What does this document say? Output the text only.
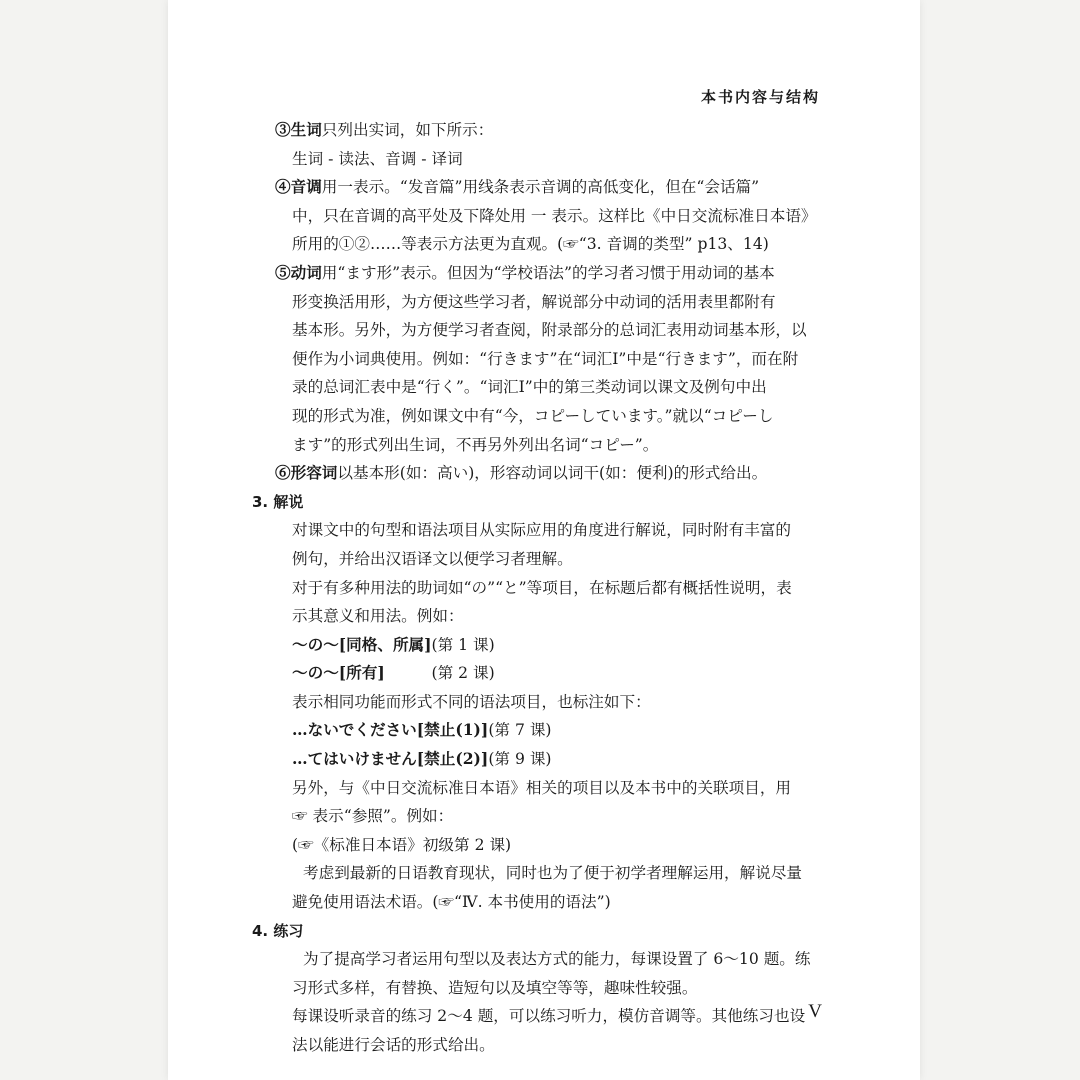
本书内容与结构
③生词只列出实词，如下所示：
生词 - 读法、音调 - 译词
④音调用一表示。“发音篇”用线条表示音调的高低变化，但在“会话篇”
中，只在音调的高平处及下降处用 一 表示。这样比《中日交流标准日本语》
所用的①②……等表示方法更为直观。(☞“3. 音调的类型” p13、14)
⑤动词用“ます形”表示。但因为“学校语法”的学习者习惯于用动词的基本
形变换活用形，为方便这些学习者，解说部分中动词的活用表里都附有
基本形。另外，为方便学习者查阅，附录部分的总词汇表用动词基本形，以
便作为小词典使用。例如：“行きます”在“词汇Ⅰ”中是“行きます”，而在附
录的总词汇表中是“行く”。“词汇Ⅰ”中的第三类动词以课文及例句中出
现的形式为准，例如课文中有“今，コピーしています。”就以“コピーし
ます”的形式列出生词，不再另外列出名词“コピー”。
⑥形容词以基本形(如：高い)，形容动词以词干(如：便利)的形式给出。
3. 解说
对课文中的句型和语法项目从实际应用的角度进行解说，同时附有丰富的
例句，并给出汉语译文以便学习者理解。
对于有多种用法的助词如“の”“と”等项目，在标题后都有概括性说明，表
示其意义和用法。例如：
～の～[同格、所属](第 1 课)
～の～[所有]　　　(第 2 课)
表示相同功能而形式不同的语法项目，也标注如下：
…ないでください[禁止(1)](第 7 课)
…てはいけません[禁止(2)](第 9 课)
另外，与《中日交流标准日本语》相关的项目以及本书中的关联项目，用
☞ 表示“参照”。例如：
(☞《标准日本语》初级第 2 课)
考虑到最新的日语教育现状，同时也为了便于初学者理解运用，解说尽量
避免使用语法术语。(☞“Ⅳ. 本书使用的语法”)
4. 练习
为了提高学习者运用句型以及表达方式的能力，每课设置了 6～10 题。练
习形式多样，有替换、造短句以及填空等等，趣味性较强。
每课设听录音的练习 2～4 题，可以练习听力，模仿音调等。其他练习也设
法以能进行会话的形式给出。
V
